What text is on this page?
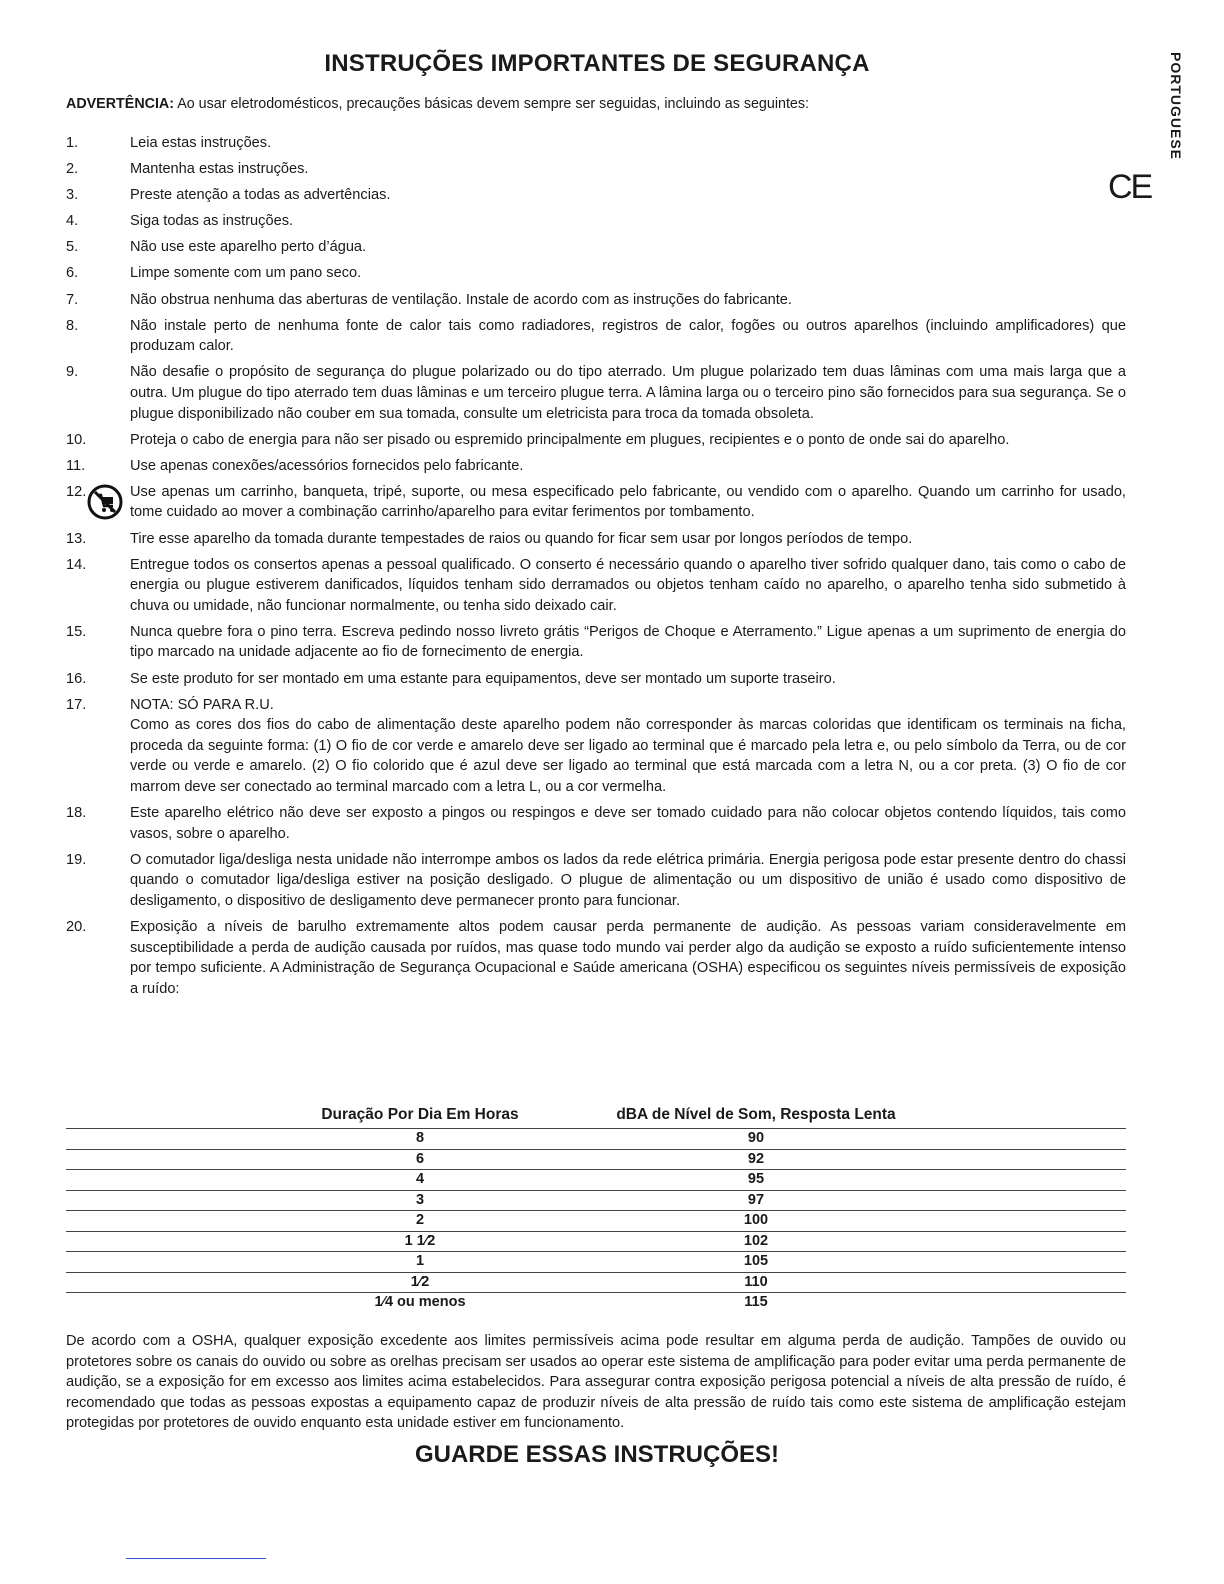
INSTRUÇÕES IMPORTANTES DE SEGURANÇA	PORTUGUESE
CE
ADVERTÊNCIA: Ao usar eletrodomésticos, precauções básicas devem sempre ser seguidas, incluindo as seguintes:
1.	Leia estas instruções.
2.	Mantenha estas instruções.
3.	Preste atenção a todas as advertências.
4.	Siga todas as instruções.
5.	Não use este aparelho perto d’água.
6.	Limpe somente com um pano seco.
7.	Não obstrua nenhuma das aberturas de ventilação. Instale de acordo com as instruções do fabricante.
8.	Não instale perto de nenhuma fonte de calor tais como radiadores, registros de calor, fogões ou outros aparelhos (incluindo amplificadores) que produzam calor.
9.	Não desafie o propósito de segurança do plugue polarizado ou do tipo aterrado. Um plugue polarizado tem duas lâminas com uma mais larga que a outra. Um plugue do tipo aterrado tem duas lâminas e um terceiro plugue terra. A lâmina larga ou o terceiro pino são fornecidos para sua segurança. Se o plugue disponibilizado não couber em sua tomada, consulte um eletricista para troca da tomada obsoleta.
10.	Proteja o cabo de energia para não ser pisado ou espremido principalmente em plugues, recipientes e o ponto de onde sai do aparelho.
11.	Use apenas conexões/acessórios fornecidos pelo fabricante.
12.	Use apenas um carrinho, banqueta, tripé, suporte, ou mesa especificado pelo fabricante, ou vendido com o aparelho. Quando um carrinho for usado, tome cuidado ao mover a combinação carrinho/aparelho para evitar ferimentos por tombamento.
13.	Tire esse aparelho da tomada durante tempestades de raios ou quando for ficar sem usar por longos períodos de tempo.
14.	Entregue todos os consertos apenas a pessoal qualificado. O conserto é necessário quando o aparelho tiver sofrido qualquer dano, tais como o cabo de energia ou plugue estiverem danificados, líquidos tenham sido derramados ou objetos tenham caído no aparelho, o aparelho tenha sido submetido à chuva ou umidade, não funcionar normalmente, ou tenha sido deixado cair.
15.	Nunca quebre fora o pino terra. Escreva pedindo nosso livreto grátis “Perigos de Choque e Aterramento.” Ligue apenas a um suprimento de energia do tipo marcado na unidade adjacente ao fio de fornecimento de energia.
16.	Se este produto for ser montado em uma estante para equipamentos, deve ser montado um suporte traseiro.
17.	NOTA: SÓ PARA R.U.
Como as cores dos fios do cabo de alimentação deste aparelho podem não corresponder às marcas coloridas que identificam os terminais na ficha, proceda da seguinte forma: (1) O fio de cor verde e amarelo deve ser ligado ao terminal que é marcado pela letra e, ou pelo símbolo da Terra, ou de cor verde ou verde e amarelo. (2) O fio colorido que é azul deve ser ligado ao terminal que está marcada com a letra N, ou a cor preta. (3) O fio de cor marrom deve ser conectado ao terminal marcado com a letra L, ou a cor vermelha.
18.	Este aparelho elétrico não deve ser exposto a pingos ou respingos e deve ser tomado cuidado para não colocar objetos contendo líquidos, tais como vasos, sobre o aparelho.
19.	O comutador liga/desliga nesta unidade não interrompe ambos os lados da rede elétrica primária. Energia perigosa pode estar presente dentro do chassi quando o comutador liga/desliga estiver na posição desligado. O plugue de alimentação ou um dispositivo de união é usado como dispositivo de desligamento, o dispositivo de desligamento deve permanecer pronto para funcionar.
20.	Exposição a níveis de barulho extremamente altos podem causar perda permanente de audição. As pessoas variam consideravelmente em susceptibilidade a perda de audição causada por ruídos, mas quase todo mundo vai perder algo da audição se exposto a ruído suficientemente intenso por tempo suficiente. A Administração de Segurança Ocupacional e Saúde americana (OSHA) especificou os seguintes níveis permissíveis de exposição a ruído:
Duração Por Dia Em Horas	dBA de Nível de Som, Resposta Lenta
8	90
6	92
4	95
3	97
2	100
1 1⁄2	102
1	105
1⁄2	110
1⁄4 ou menos	115
De acordo com a OSHA, qualquer exposição excedente aos limites permissíveis acima pode resultar em alguma perda de audição. Tampões de ouvido ou protetores sobre os canais do ouvido ou sobre as orelhas precisam ser usados ao operar este sistema de amplificação para poder evitar uma perda permanente de audição, se a exposição for em excesso aos limites acima estabelecidos. Para assegurar contra exposição perigosa potencial a níveis de alta pressão de ruído, é recomendado que todas as pessoas expostas a equipamento capaz de produzir níveis de alta pressão de ruído tais como este sistema de amplificação estejam protegidas por protetores de ouvido enquanto esta unidade estiver em funcionamento.
GUARDE ESSAS INSTRUÇÕES!
